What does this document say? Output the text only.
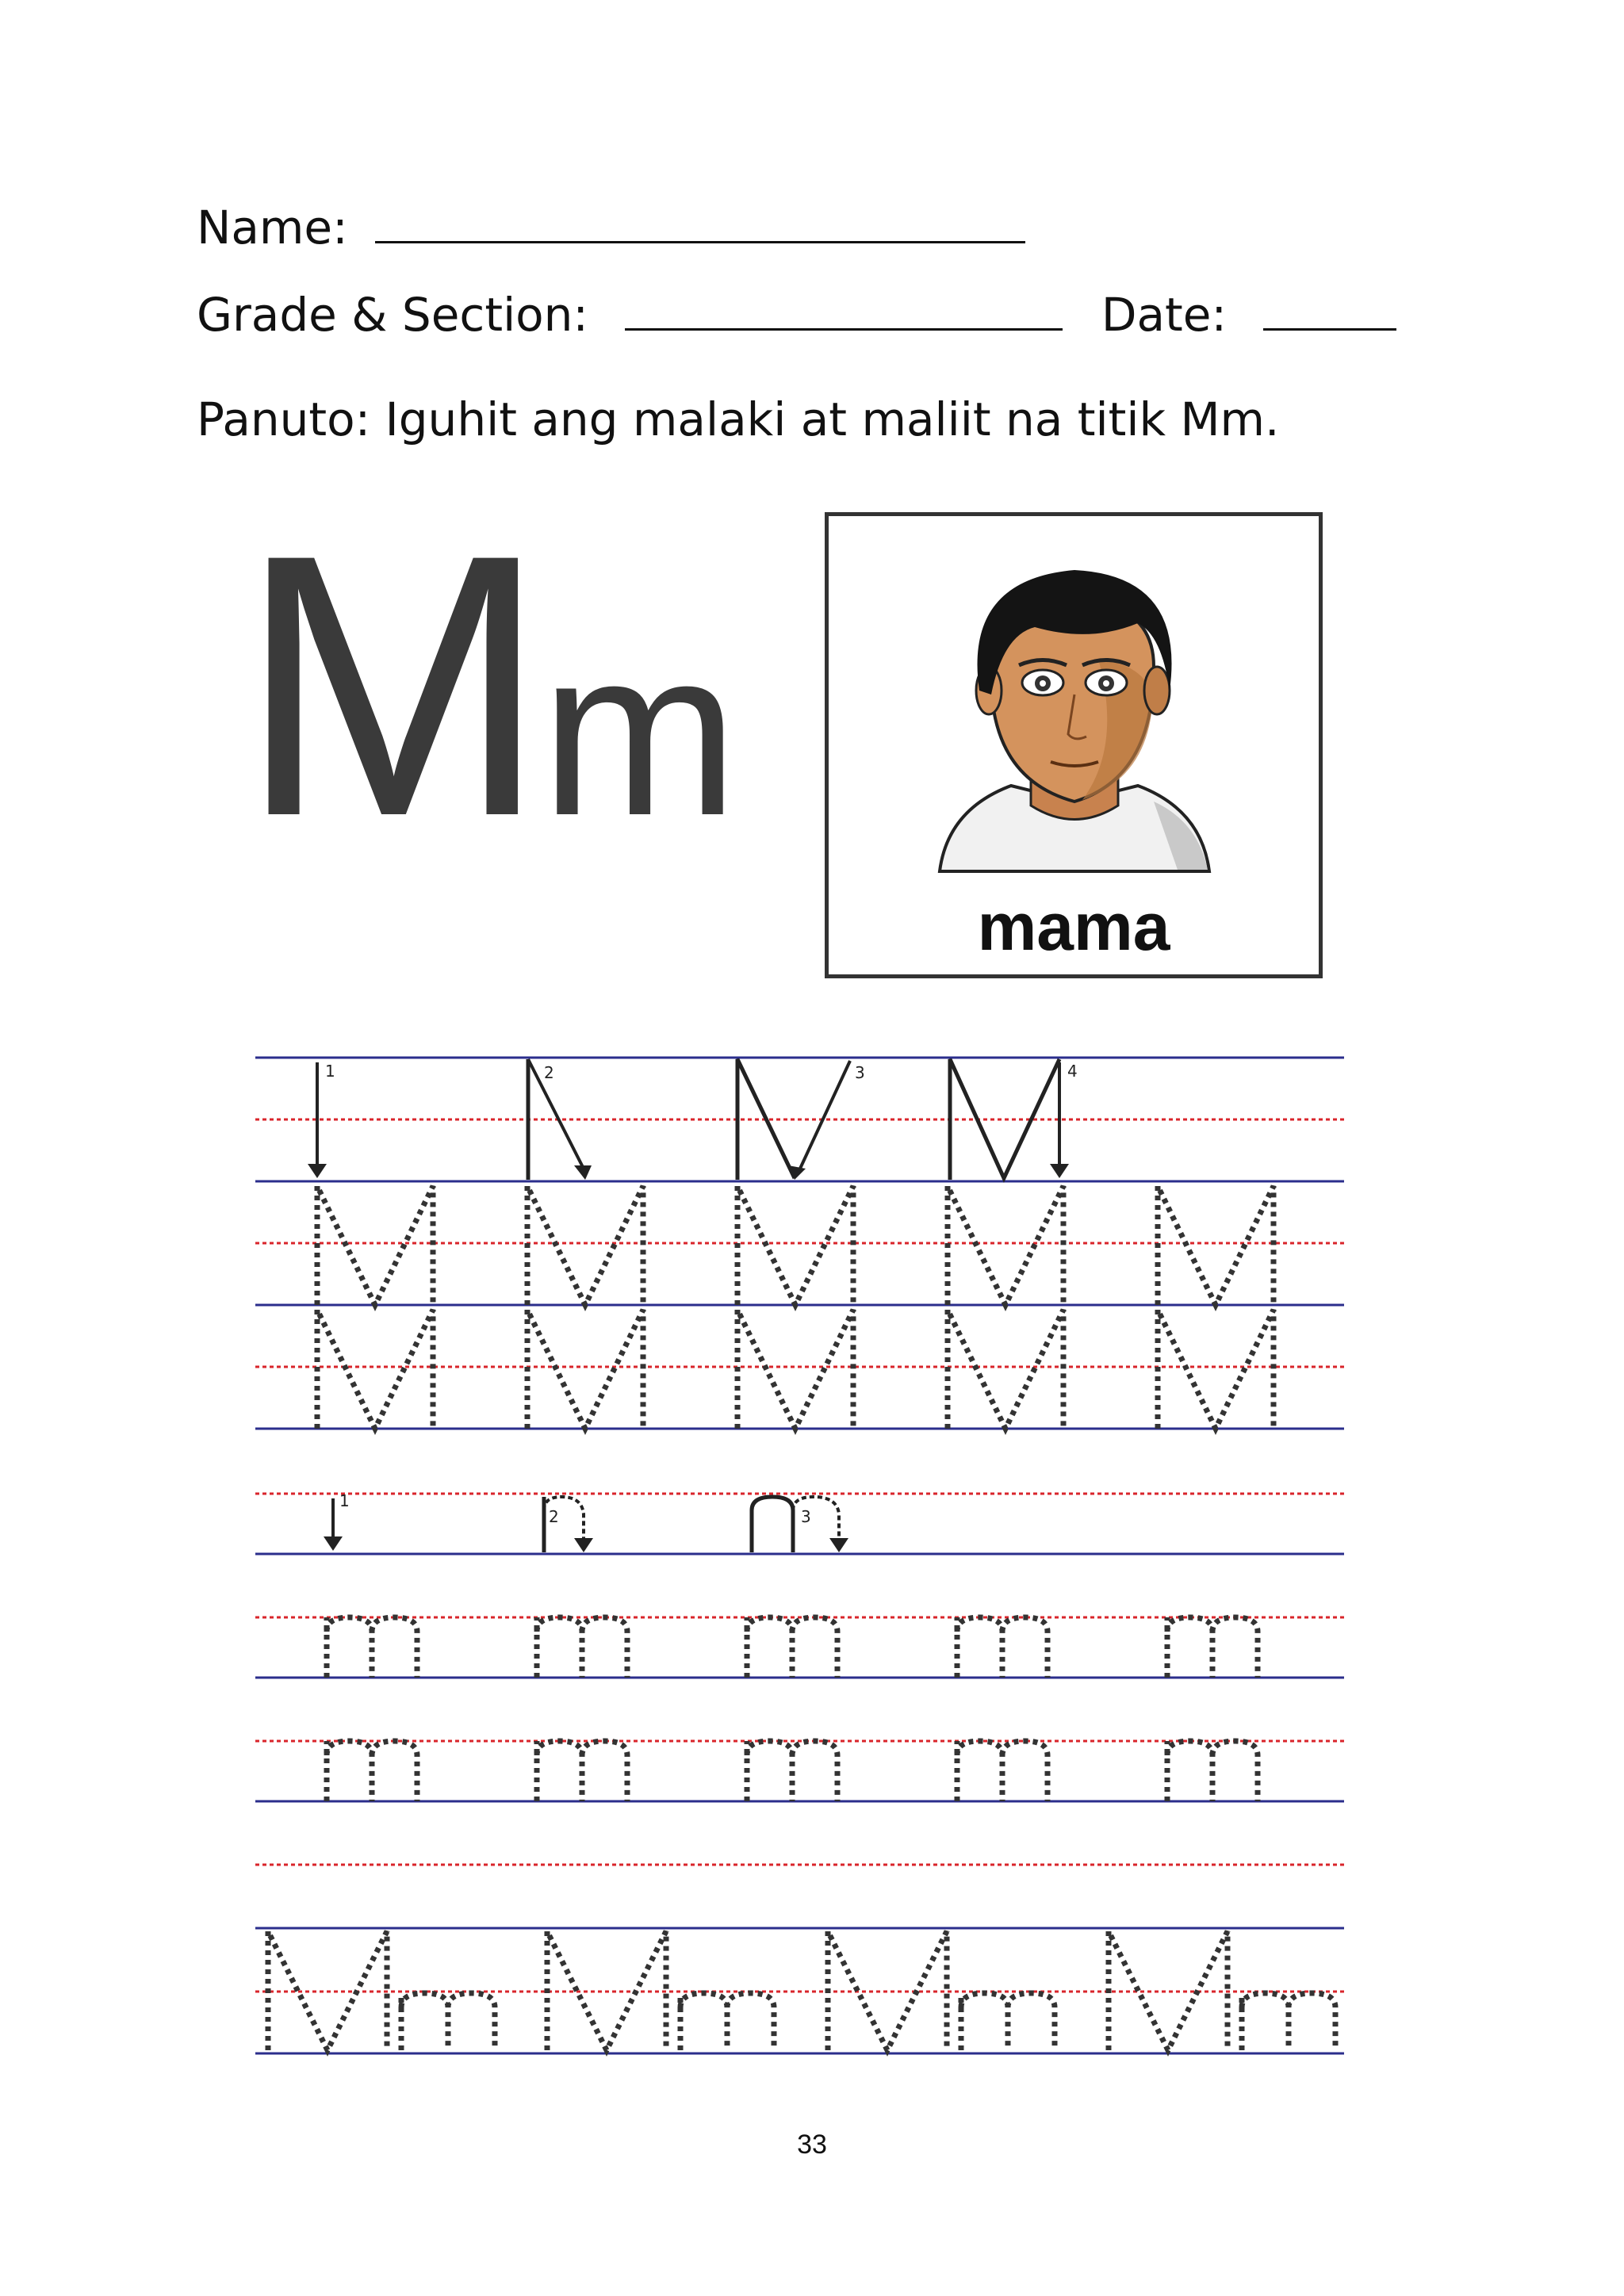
Name:
Grade & Section:	Date:
Panuto: Iguhit ang malaki at maliit na titik Mm.
Mm
mama
1	2	3	4
1
2	3
33
